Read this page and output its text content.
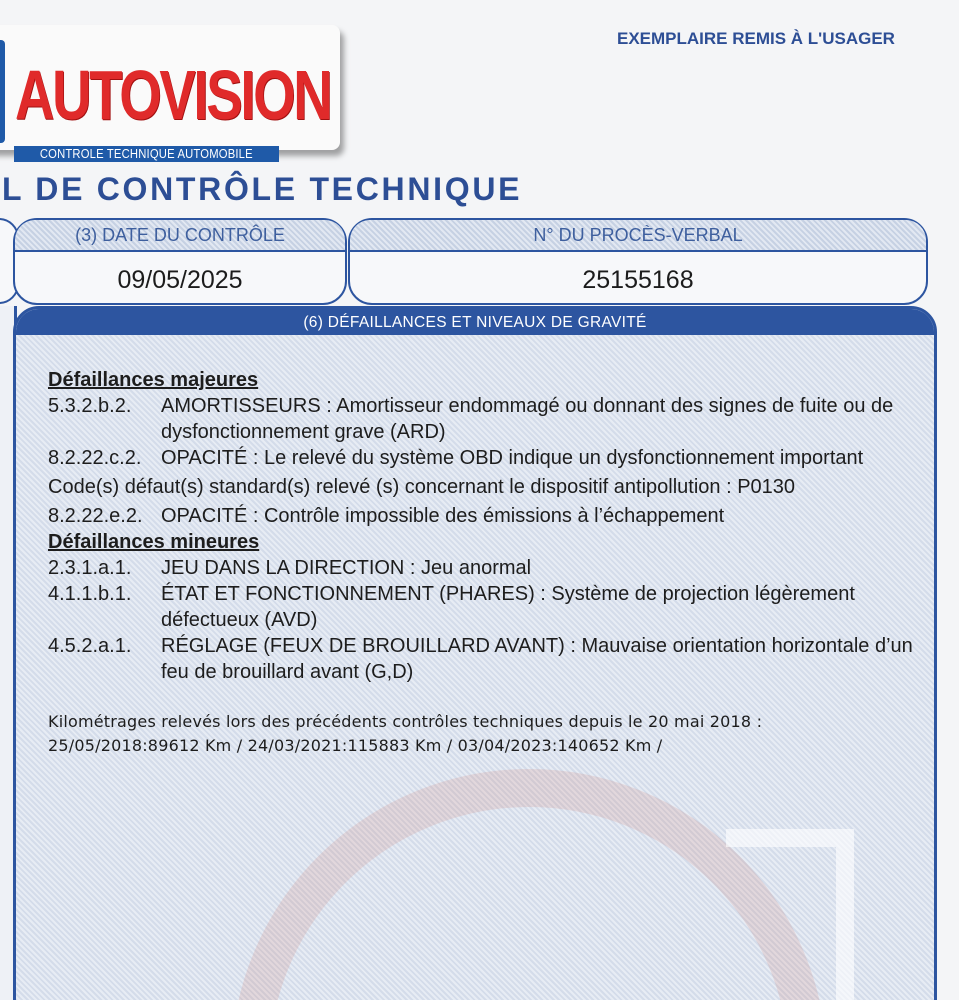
AUTOVISION
CONTROLE TECHNIQUE AUTOMOBILE
EXEMPLAIRE REMIS À L'USAGER
L DE CONTRÔLE TECHNIQUE
(3) DATE DU CONTRÔLE
09/05/2025
N° DU PROCÈS-VERBAL
25155168
(6) DÉFAILLANCES ET NIVEAUX DE GRAVITÉ
Défaillances majeures
5.3.2.b.2.	AMORTISSEURS : Amortisseur endommagé ou donnant des signes de fuite ou de dysfonctionnement grave (ARD)
8.2.22.c.2. OPACITÉ : Le relevé du système OBD indique un dysfonctionnement important
Code(s) défaut(s) standard(s) relevé (s) concernant le dispositif antipollution : P0130
8.2.22.e.2. OPACITÉ : Contrôle impossible des émissions à l’échappement
Défaillances mineures
2.3.1.a.1.	JEU DANS LA DIRECTION : Jeu anormal
4.1.1.b.1.	ÉTAT ET FONCTIONNEMENT (PHARES) : Système de projection légèrement défectueux (AVD)
4.5.2.a.1.	RÉGLAGE (FEUX DE BROUILLARD AVANT) : Mauvaise orientation horizontale d’un feu de brouillard avant (G,D)
Kilométrages relevés lors des précédents contrôles techniques depuis le 20 mai 2018 :
25/05/2018:89612 Km / 24/03/2021:115883 Km / 03/04/2023:140652 Km /
